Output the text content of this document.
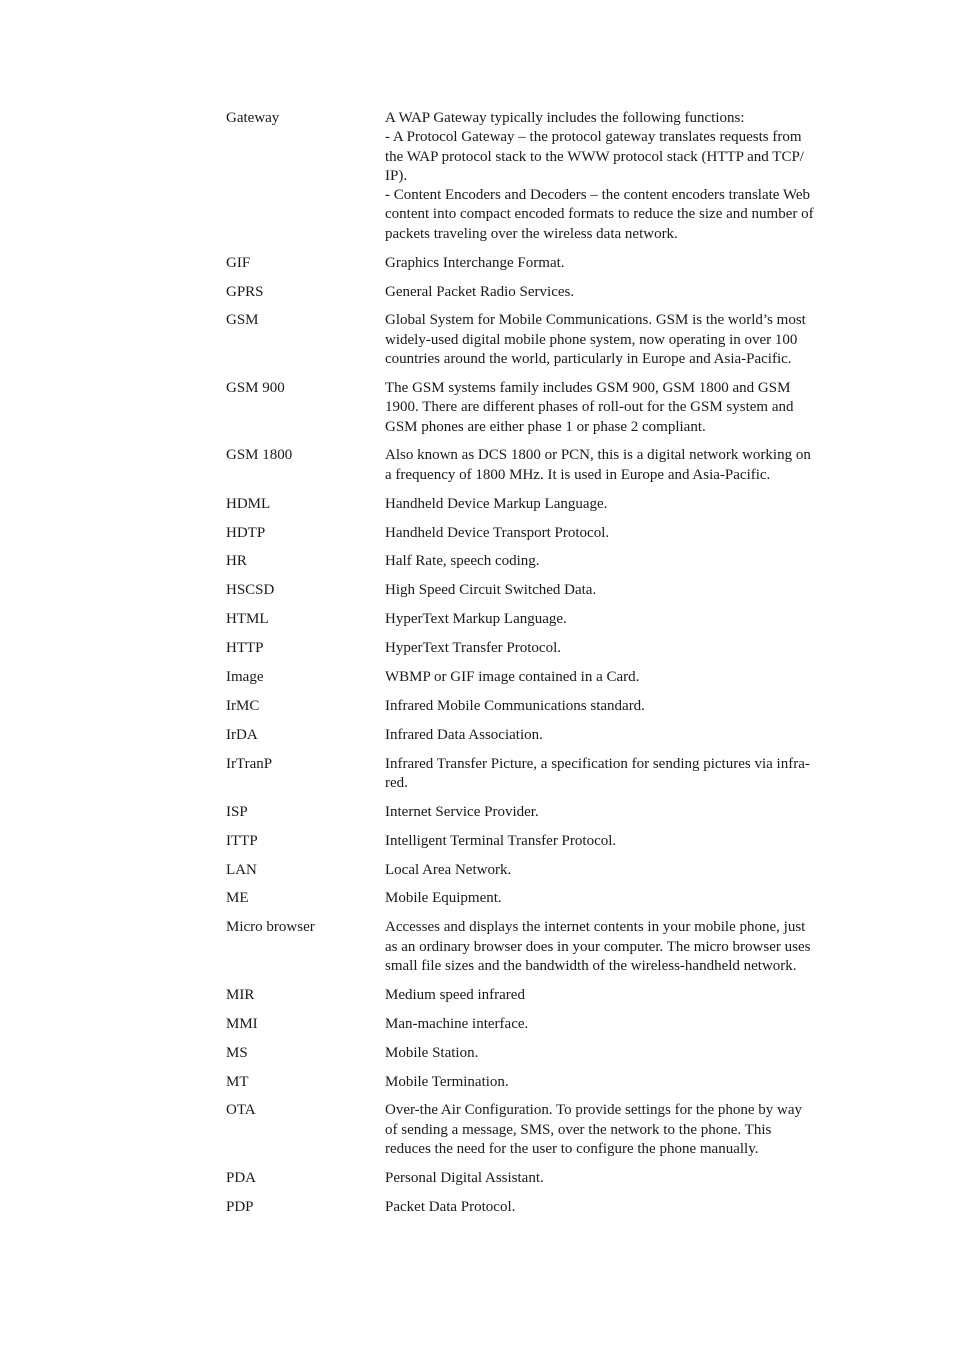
Gateway	A WAP Gateway typically includes the following functions:
- A Protocol Gateway – the protocol gateway translates requests from
the WAP protocol stack to the WWW protocol stack (HTTP and TCP/
IP).
- Content Encoders and Decoders – the content encoders translate Web
content into compact encoded formats to reduce the size and number of
packets traveling over the wireless data network.
GIF	Graphics Interchange Format.
GPRS	General Packet Radio Services.
GSM	Global System for Mobile Communications. GSM is the world’s most
widely-used digital mobile phone system, now operating in over 100
countries around the world, particularly in Europe and Asia-Pacific.
GSM 900	The GSM systems family includes GSM 900, GSM 1800 and GSM
1900. There are different phases of roll-out for the GSM system and
GSM phones are either phase 1 or phase 2 compliant.
GSM 1800	Also known as DCS 1800 or PCN, this is a digital network working on
a frequency of 1800 MHz. It is used in Europe and Asia-Pacific.
HDML	Handheld Device Markup Language.
HDTP	Handheld Device Transport Protocol.
HR	Half Rate, speech coding.
HSCSD	High Speed Circuit Switched Data.
HTML	HyperText Markup Language.
HTTP	HyperText Transfer Protocol.
Image	WBMP or GIF image contained in a Card.
IrMC	Infrared Mobile Communications standard.
IrDA	Infrared Data Association.
IrTranP	Infrared Transfer Picture, a specification for sending pictures via infra-
red.
ISP	Internet Service Provider.
ITTP	Intelligent Terminal Transfer Protocol.
LAN	Local Area Network.
ME	Mobile Equipment.
Micro browser	Accesses and displays the internet contents in your mobile phone, just
as an ordinary browser does in your computer. The micro browser uses
small file sizes and the bandwidth of the wireless-handheld network.
MIR	Medium speed infrared
MMI	Man-machine interface.
MS	Mobile Station.
MT	Mobile Termination.
OTA	Over-the Air Configuration. To provide settings for the phone by way
of sending a message, SMS, over the network to the phone. This
reduces the need for the user to configure the phone manually.
PDA	Personal Digital Assistant.
PDP	Packet Data Protocol.
